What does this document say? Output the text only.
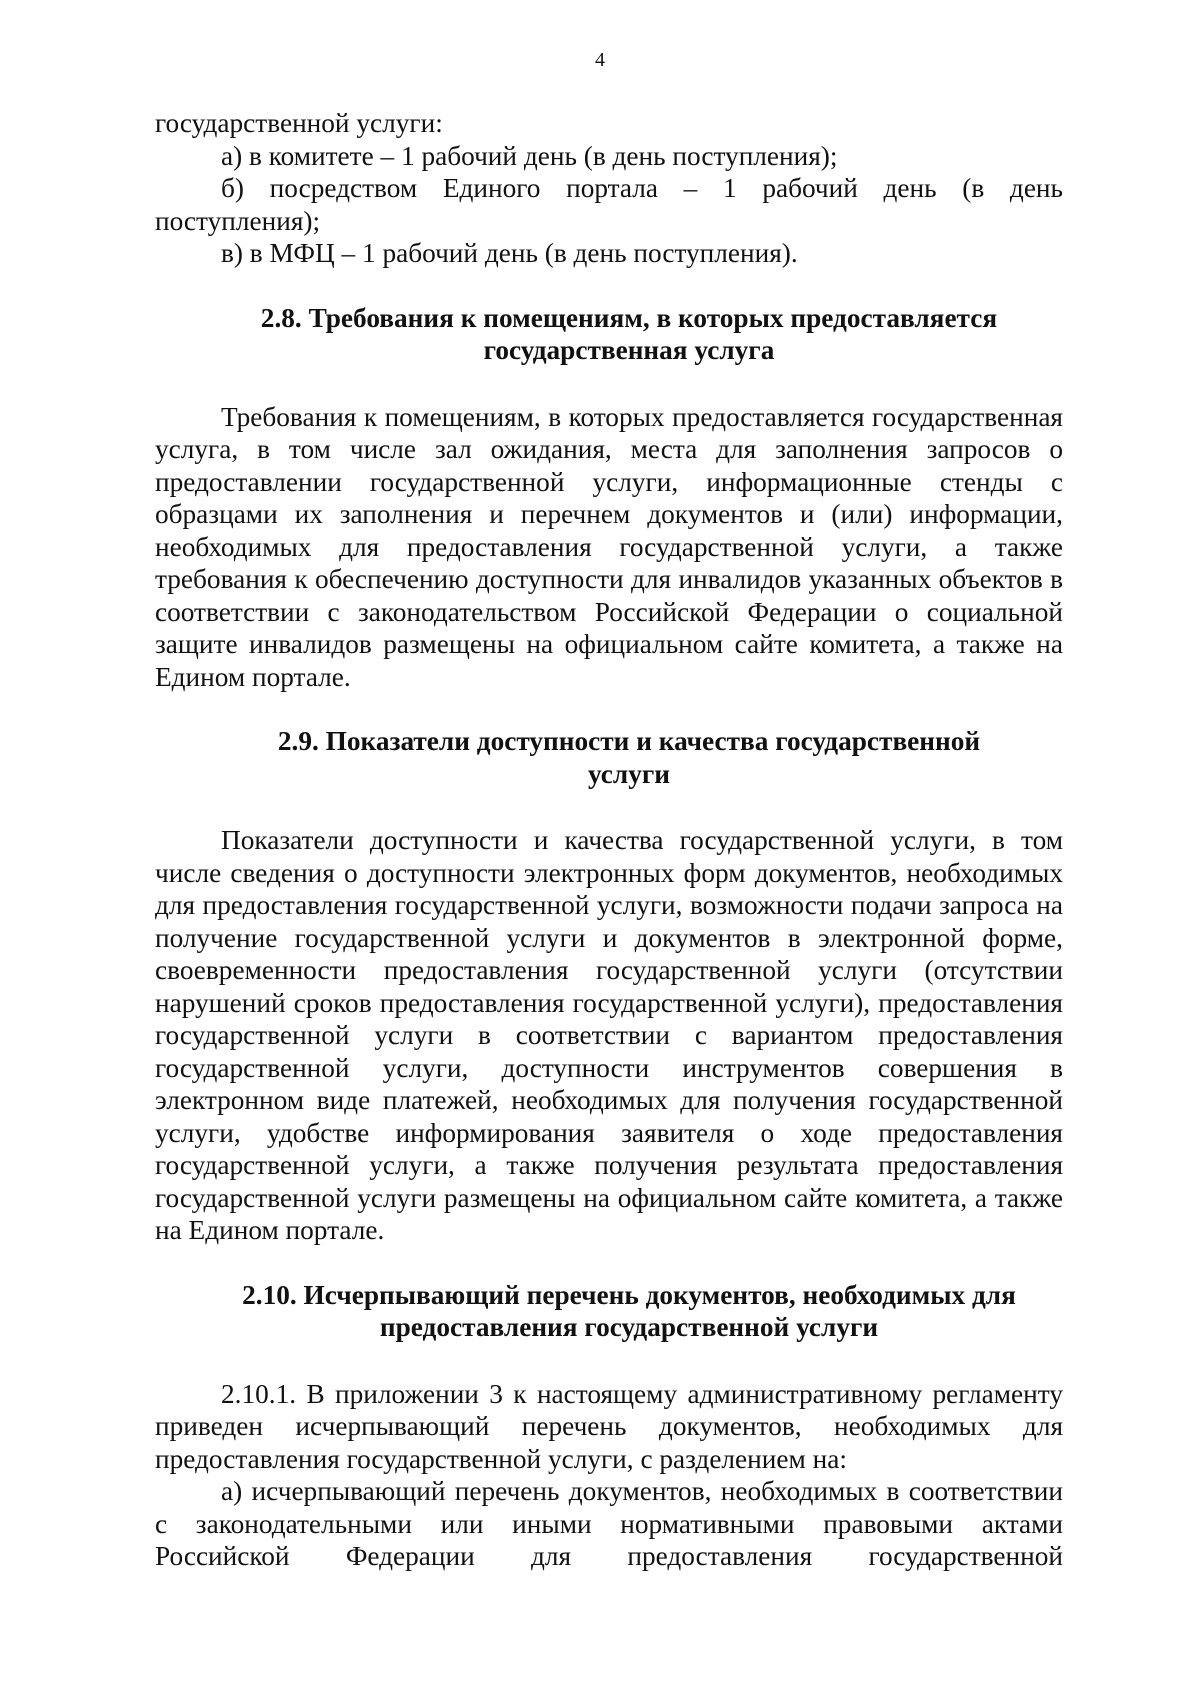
4

государственной услуги:

а) в комитете – 1 рабочий день (в день поступления);

б) посредством Единого портала – 1 рабочий день (в день поступления);

в) в МФЦ – 1 рабочий день (в день поступления).

2.8. Требования к помещениям, в которых предоставляется государственная услуга

Требования к помещениям, в которых предоставляется государственная услуга, в том числе зал ожидания, места для заполнения запросов о предоставлении государственной услуги, информационные стенды с образцами их заполнения и перечнем документов и (или) информации, необходимых для предоставления государственной услуги, а также требования к обеспечению доступности для инвалидов указанных объектов в соответствии с законодательством Российской Федерации о социальной защите инвалидов размещены на официальном сайте комитета, а также на Едином портале.

2.9. Показатели доступности и качества государственной услуги

Показатели доступности и качества государственной услуги, в том числе сведения о доступности электронных форм документов, необходимых для предоставления государственной услуги, возможности подачи запроса на получение государственной услуги и документов в электронной форме, своевременности предоставления государственной услуги (отсутствии нарушений сроков предоставления государственной услуги), предоставления государственной услуги в соответствии с вариантом предоставления государственной услуги, доступности инструментов совершения в электронном виде платежей, необходимых для получения государственной услуги, удобстве информирования заявителя о ходе предоставления государственной услуги, а также получения результата предоставления государственной услуги размещены на официальном сайте комитета, а также на Едином портале.

2.10. Исчерпывающий перечень документов, необходимых для предоставления государственной услуги

2.10.1. В приложении 3 к настоящему административному регламенту приведен исчерпывающий перечень документов, необходимых для предоставления государственной услуги, с разделением на:

а) исчерпывающий перечень документов, необходимых в соответствии с законодательными или иными нормативными правовыми актами Российской Федерации для предоставления государственной
